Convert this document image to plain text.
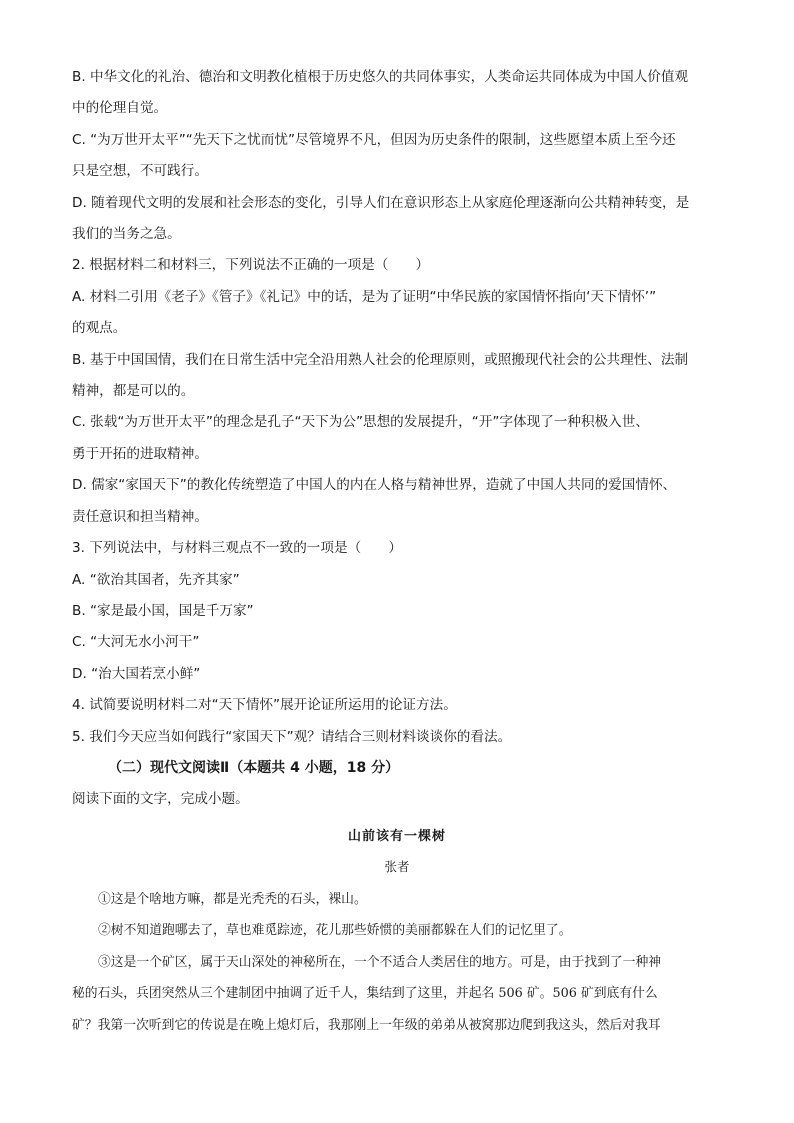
B. 中华文化的礼治、德治和文明教化植根于历史悠久的共同体事实，人类命运共同体成为中国人价值观
中的伦理自觉。
C. “为万世开太平”“先天下之忧而忧”尽管境界不凡，但因为历史条件的限制，这些愿望本质上至今还
只是空想，不可践行。
D. 随着现代文明的发展和社会形态的变化，引导人们在意识形态上从家庭伦理逐渐向公共精神转变，是
我们的当务之急。
2. 根据材料二和材料三，下列说法不正确的一项是（　　）
A. 材料二引用《老子》《管子》《礼记》中的话，是为了证明“中华民族的家国情怀指向‘天下情怀’”
的观点。
B. 基于中国国情，我们在日常生活中完全沿用熟人社会的伦理原则，或照搬现代社会的公共理性、法制
精神，都是可以的。
C. 张载“为万世开太平”的理念是孔子“天下为公”思想的发展提升，“开”字体现了一种积极入世、
勇于开拓的进取精神。
D. 儒家“家国天下”的教化传统塑造了中国人的内在人格与精神世界，造就了中国人共同的爱国情怀、
责任意识和担当精神。
3. 下列说法中，与材料三观点不一致的一项是（　　）
A. “欲治其国者，先齐其家”
B. “家是最小国，国是千万家”
C. “大河无水小河干”
D. “治大国若烹小鲜”
4. 试简要说明材料二对“天下情怀”展开论证所运用的论证方法。
5. 我们今天应当如何践行“家国天下”观？请结合三则材料谈谈你的看法。
（二）现代文阅读Ⅱ（本题共 4 小题，18 分）
阅读下面的文字，完成小题。
山前该有一棵树
张者
①这是个啥地方嘛，都是光秃秃的石头，裸山。
②树不知道跑哪去了，草也难觅踪迹，花儿那些娇惯的美丽都躲在人们的记忆里了。
③这是一个矿区，属于天山深处的神秘所在，一个不适合人类居住的地方。可是，由于找到了一种神
秘的石头，兵团突然从三个建制团中抽调了近千人，集结到了这里，并起名 506 矿。506 矿到底有什么
矿？我第一次听到它的传说是在晚上熄灯后，我那刚上一年级的弟弟从被窝那边爬到我这头，然后对我耳
